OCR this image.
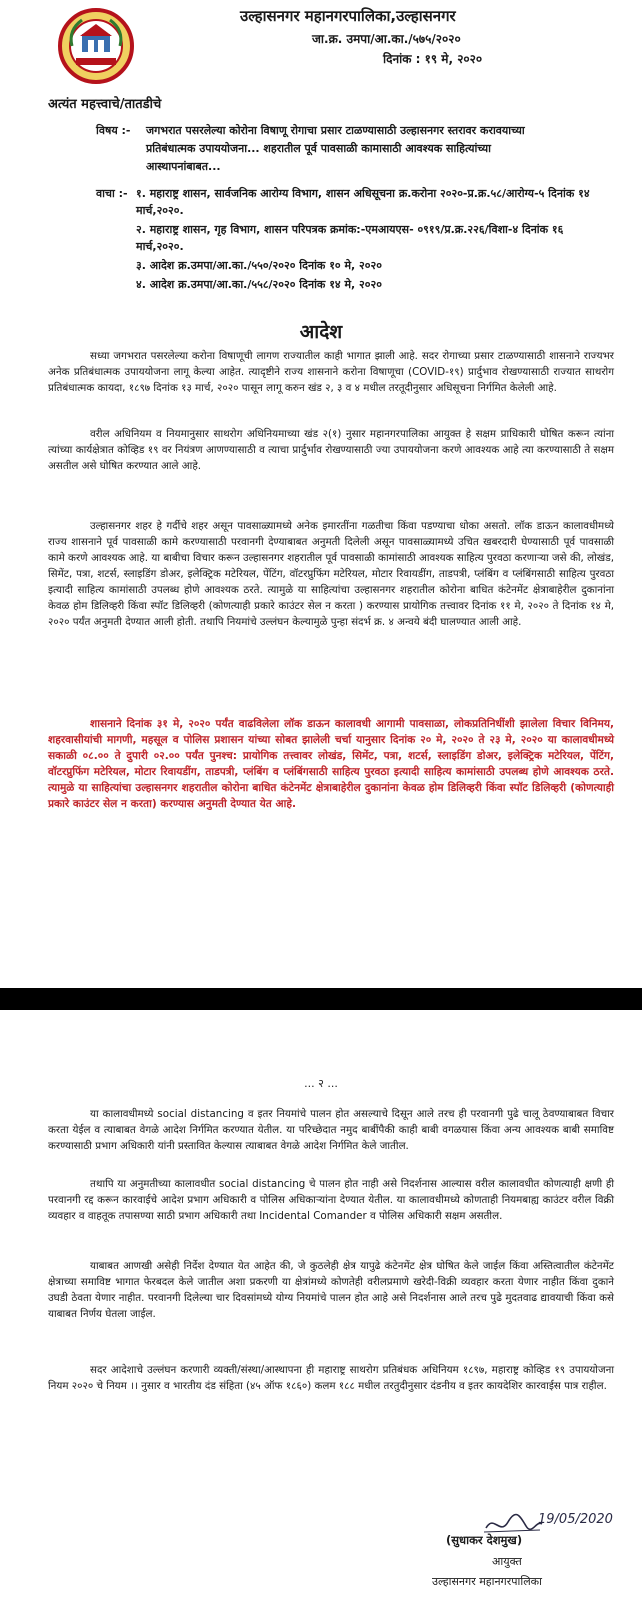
उल्हासनगर महानगरपालिका,उल्हासनगर
जा.क्र. उमपा/आ.का./५७५/२०२०
दिनांक : १९ मे, २०२०
अत्यंत महत्त्वाचे/तातडीचे
विषय :- जगभरात पसरलेल्या कोरोना विषाणू रोगाचा प्रसार टाळण्यासाठी उल्हासनगर स्तरावर करावयाच्या प्रतिबंधात्मक उपाययोजना... शहरातील पूर्व पावसाळी कामासाठी आवश्यक साहित्यांच्या आस्थापनांबाबत...
वाचा :- १. महाराष्ट्र शासन, सार्वजनिक आरोग्य विभाग, शासन अधिसूचना क्र.करोना २०२०-प्र.क्र.५८/आरोग्य-५ दिनांक १४ मार्च,२०२०.
२. महाराष्ट्र शासन, गृह विभाग, शासन परिपत्रक क्रमांक:-एमआयएस- ०९१९/प्र.क्र.२२६/विशा-४ दिनांक १६ मार्च,२०२०.
३. आदेश क्र.उमपा/आ.का./५५०/२०२० दिनांक १० मे, २०२०
४. आदेश क्र.उमपा/आ.का./५५८/२०२० दिनांक १४ मे, २०२०
आदेश
सध्या जगभरात पसरलेल्या करोना विषाणूची लागण राज्यातील काही भागात झाली आहे. सदर रोगाच्या प्रसार टाळण्यासाठी शासनाने राज्यभर अनेक प्रतिबंधात्मक उपाययोजना लागू केल्या आहेत. त्यादृष्टीने राज्य शासनाने करोना विषाणूचा (COVID-१९) प्रार्दुभाव रोखण्यासाठी राज्यात साथरोग प्रतिबंधात्मक कायदा, १८९७ दिनांक १३ मार्च, २०२० पासून लागू करुन खंड २, ३ व ४ मधील तरतूदीनुसार अधिसूचना निर्गमित केलेली आहे.
वरील अधिनियम व नियमानुसार साथरोग अधिनियमाच्या खंड २(१) नुसार महानगरपालिका आयुक्त हे सक्षम प्राधिकारी घोषित करून त्यांना त्यांच्या कार्यक्षेत्रात कोव्हिड १९ वर नियंत्रण आणण्यासाठी व त्याचा प्रार्दुर्भाव रोखण्यासाठी ज्या उपाययोजना करणे आवश्यक आहे त्या करण्यासाठी ते सक्षम असतील असे घोषित करण्यात आले आहे.
उल्हासनगर शहर हे गर्दीचे शहर असून पावसाळ्यामध्ये अनेक इमारतींना गळतीचा किंवा पडण्याचा धोका असतो. लॉक डाऊन कालावधीमध्ये राज्य शासनाने पूर्व पावसाळी कामे करण्यासाठी परवानगी देण्याबाबत अनुमती दिलेली असून पावसाळ्यामध्ये उचित खबरदारी घेण्यासाठी पूर्व पावसाळी कामे करणे आवश्यक आहे. या बाबीचा विचार करून उल्हासनगर शहरातील पूर्व पावसाळी कामांसाठी आवश्यक साहित्य पुरवठा करणाऱ्या जसे की, लोखंड, सिमेंट, पत्रा, शटर्स, स्लाइडिंग डोअर, इलेक्ट्रिक मटेरियल, पेंटिंग, वॉटरप्रुफिंग मटेरियल, मोटार रिवायडींग, ताडपत्री, प्लंबिंग व प्लंबिंगसाठी साहित्य पुरवठा इत्यादी साहित्य कामांसाठी उपलब्ध होणे आवश्यक ठरते. त्यामुळे या साहित्यांचा उल्हासनगर शहरातील कोरोना बाधित कंटेनमेंट क्षेत्राबाहेरील दुकानांना केवळ होम डिलिव्हरी किंवा स्पॉट डिलिव्हरी (कोणत्याही प्रकारे काउंटर सेल न करता ) करण्यास प्रायोगिक तत्त्वावर दिनांक ११ मे, २०२० ते दिनांक १४ मे, २०२० पर्यंत अनुमती देण्यात आली होती. तथापि नियमांचे उल्लंघन केल्यामुळे पुन्हा संदर्भ क्र. ४ अन्वये बंदी घालण्यात आली आहे.
शासनाने दिनांक ३१ मे, २०२० पर्यंत वाढविलेला लॉक डाऊन कालावधी आगामी पावसाळा, लोकप्रतिनिधींशी झालेला विचार विनिमय, शहरवासीयांची मागणी, महसूल व पोलिस प्रशासन यांच्या सोबत झालेली चर्चा यानुसार दिनांक २० मे, २०२० ते २३ मे, २०२० या कालावधीमध्ये सकाळी ०८.०० ते दुपारी ०२.०० पर्यंत पुनश्च: प्रायोगिक तत्त्वावर लोखंड, सिमेंट, पत्रा, शटर्स, स्लाइडिंग डोअर, इलेक्ट्रिक मटेरियल, पेंटिंग, वॉटरप्रुफिंग मटेरियल, मोटार रिवायडींग, ताडपत्री, प्लंबिंग व प्लंबिंगसाठी साहित्य पुरवठा इत्यादी साहित्य कामांसाठी उपलब्ध होणे आवश्यक ठरते. त्यामुळे या साहित्यांचा उल्हासनगर शहरातील कोरोना बाधित कंटेनमेंट क्षेत्राबाहेरील दुकानांना केवळ होम डिलिव्हरी किंवा स्पॉट डिलिव्हरी (कोणत्याही प्रकारे काउंटर सेल न करता) करण्यास अनुमती देण्यात येत आहे.
... २ ...
या कालावधीमध्ये social distancing व इतर नियमांचे पालन होत असल्याचे दिसून आले तरच ही परवानगी पुढे चालू ठेवण्याबाबत विचार करता येईल व त्याबाबत वेगळे आदेश निर्गमित करण्यात येतील. या परिच्छेदात नमुद बाबींपैकी काही बाबी वगळयास किंवा अन्य आवश्यक बाबी समाविष्ट करण्यासाठी प्रभाग अधिकारी यांनी प्रस्तावित केल्यास त्याबाबत वेगळे आदेश निर्गमित केले जातील.
तथापि या अनुमतीच्या कालावधीत social distancing चे पालन होत नाही असे निदर्शनास आल्यास वरील कालावधीत कोणत्याही क्षणी ही परवानगी रद्द करून कारवाईचे आदेश प्रभाग अधिकारी व पोलिस अधिकाऱ्यांना देण्यात येतील. या कालावधीमध्ये कोणताही नियमबाह्य काउंटर वरील विक्री व्यवहार व वाहतूक तपासण्या साठी प्रभाग अधिकारी तथा Incidental Comander व पोलिस अधिकारी सक्षम असतील.
याबाबत आणखी असेही निर्देश देण्यात येत आहेत की, जे कुठलेही क्षेत्र यापुढे कंटेनमेंट क्षेत्र घोषित केले जाईल किंवा अस्तित्वातील कंटेनमेंट क्षेत्राच्या समाविष्ट भागात फेरबदल केले जातील अशा प्रकरणी या क्षेत्रांमध्ये कोणतेही वरीलप्रमाणे खरेदी-विक्री व्यवहार करता येणार नाहीत किंवा दुकाने उघडी ठेवता येणार नाहीत. परवानगी दिलेल्या चार दिवसांमध्ये योग्य नियमांचे पालन होत आहे असे निदर्शनास आले तरच पुढे मुदतवाढ द्यावयाची किंवा कसे याबाबत निर्णय घेतला जाईल.
सदर आदेशाचे उल्लंघन करणारी व्यक्ती/संस्था/आस्थापना ही महाराष्ट्र साथरोग प्रतिबंधक अधिनियम १८९७, महाराष्ट्र कोव्हिड १९ उपाययोजना नियम २०२० चे नियम ।। नुसार व भारतीय दंड संहिता (४५ ऑफ १८६०) कलम १८८ मधील तरतुदीनुसार दंडनीय व इतर कायदेशिर कारवाईस पात्र राहील.
19/05/2020
(सुधाकर देशमुख)
आयुक्त
उल्हासनगर महानगरपालिका
